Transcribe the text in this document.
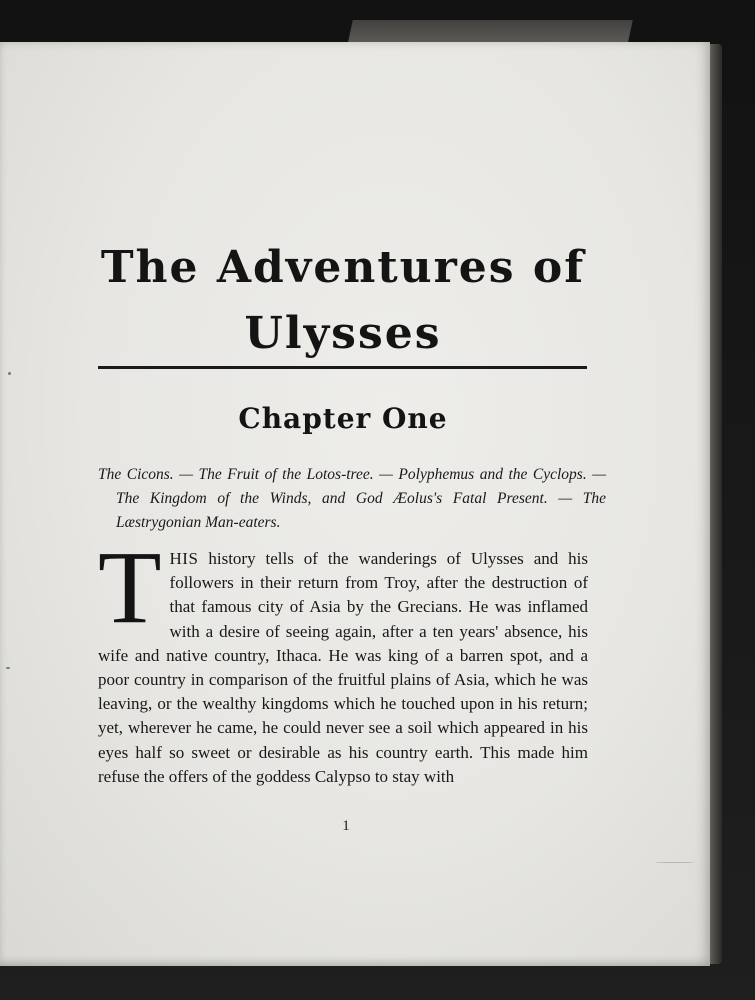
The Adventures of
Ulysses
Chapter One

The Cicons. — The Fruit of the Lotos-tree. — Polyphemus and the Cyclops. — The Kingdom of the Winds, and God Æolus's Fatal Present. — The Læstrygonian Man-eaters.

THIS history tells of the wanderings of Ulysses and his followers in their return from Troy, after the destruction of that famous city of Asia by the Grecians. He was inflamed with a desire of seeing again, after a ten years' absence, his wife and native country, Ithaca. He was king of a barren spot, and a poor country in comparison of the fruitful plains of Asia, which he was leaving, or the wealthy kingdoms which he touched upon in his return; yet, wherever he came, he could never see a soil which appeared in his eyes half so sweet or desirable as his country earth. This made him refuse the offers of the goddess Calypso to stay with

1
